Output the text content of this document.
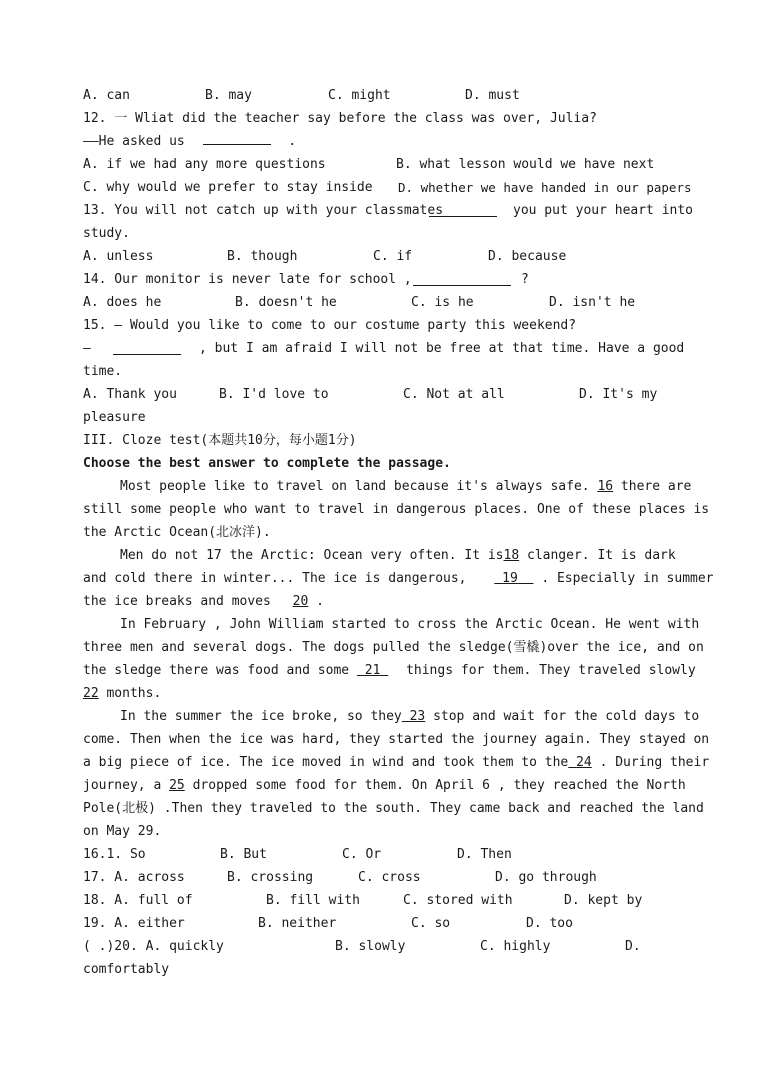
A. can	B. may	C. might	D. must
12. 一 Wliat did the teacher say before the class was over, Julia?
——He asked us	.
A. if we had any more questions	B. what lesson would we have next
C. why would we prefer to stay inside D. whether we have handed in our papers
13. You will not catch up with your classmates	you put your heart into
study.
A. unless	B. though	C. if	D. because
14. Our monitor is never late for school ,	?
A. does he	B. doesn't he	C. is he	D. isn't he
15. — Would you like to come to our costume party this weekend?
—	, but I am afraid I will not be free at that time. Have a good
time.
A. Thank you	B. I'd love to	C. Not at all	D. It's my
pleasure
III. Cloze test(本题共10分，每小题1分)
Choose the best answer to complete the passage.
Most people like to travel on land because it's always safe. 16 there are
still some people who want to travel in dangerous places. One of these places is
the Arctic Ocean(北冰洋).
Men do not 17 the Arctic: Ocean very often. It is18 clanger. It is dark
and cold there in winter... The ice is dangerous,	19 . Especially in summer
the ice breaks and moves 20 .
In February , John William started to cross the Arctic Ocean. He went with
three men and several dogs. The dogs pulled the sledge(雪橇)over the ice, and on
the sledge there was food and some 21 things for them. They traveled slowly
22 months.
In the summer the ice broke, so they 23 stop and wait for the cold days to
come. Then when the ice was hard, they started the journey again. They stayed on
a big piece of ice. The ice moved in wind and took them to the 24 . During their
journey, a 25 dropped some food for them. On April 6 , they reached the North
Pole(北极) .Then they traveled to the south. They came back and reached the land
on May 29.
16.1. So	B. But	C. Or	D. Then
17. A. across	B. crossing	C. cross	D. go through
18. A. full of	B. fill with	C. stored with	D. kept by
19. A. either	B. neither	C. so	D. too
( .)20. A. quickly	B. slowly	C. highly	D.
comfortably
